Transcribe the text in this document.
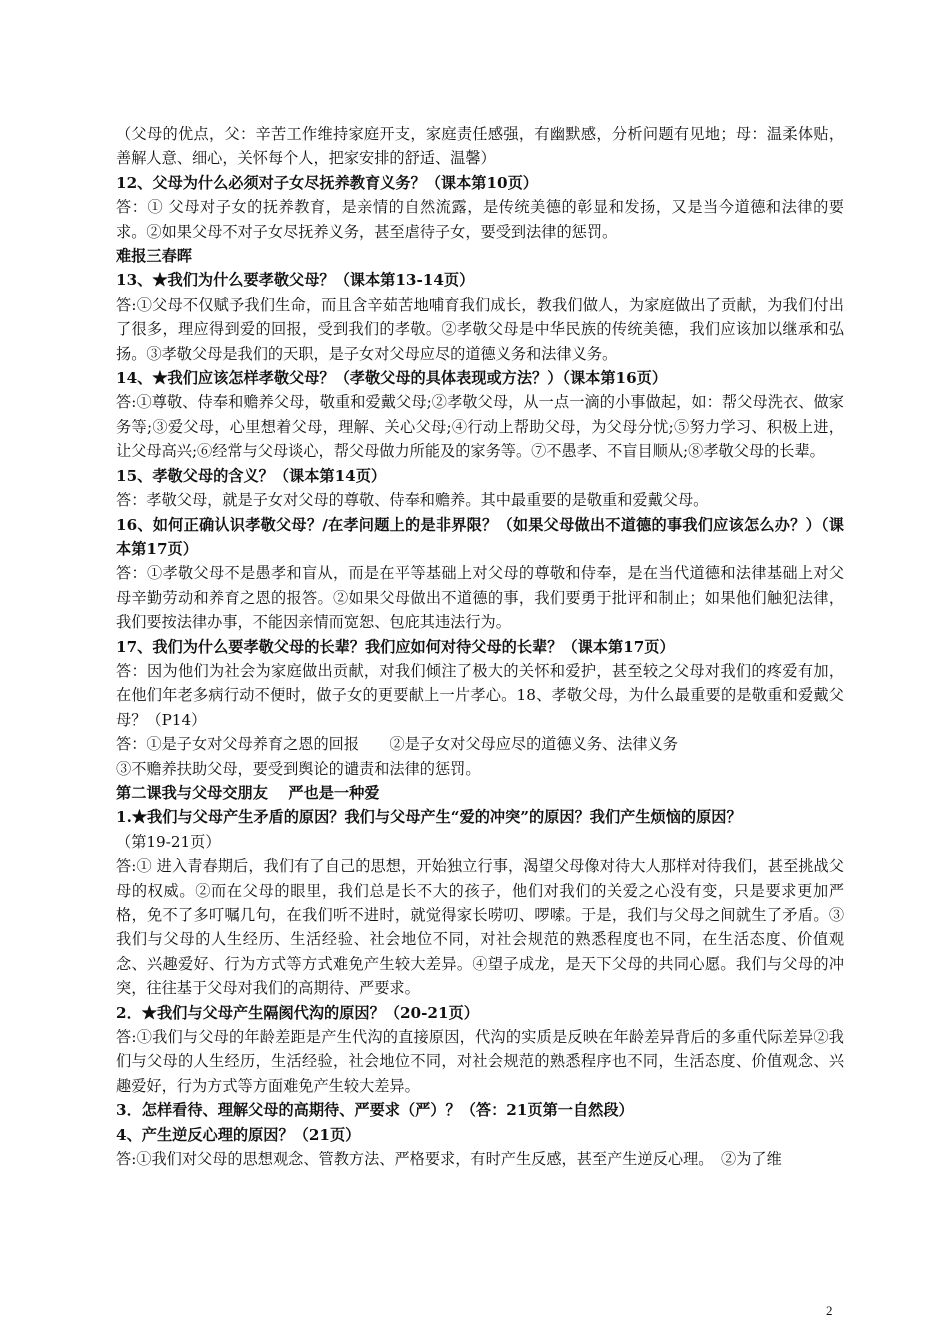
（父母的优点，父：辛苦工作维持家庭开支，家庭责任感强，有幽默感，分析问题有见地；母：温柔体贴，善解人意、细心，关怀每个人，把家安排的舒适、温馨）

12、父母为什么必须对子女尽抚养教育义务？（课本第10页）

答：① 父母对子女的抚养教育，是亲情的自然流露，是传统美德的彰显和发扬，又是当今道德和法律的要求。②如果父母不对子女尽抚养义务，甚至虐待子女，要受到法律的惩罚。

难报三春晖

13、★我们为什么要孝敬父母？（课本第13-14页）

答:①父母不仅赋予我们生命，而且含辛茹苦地哺育我们成长，教我们做人，为家庭做出了贡献，为我们付出了很多，理应得到爱的回报，受到我们的孝敬。②孝敬父母是中华民族的传统美德，我们应该加以继承和弘扬。③孝敬父母是我们的天职，是子女对父母应尽的道德义务和法律义务。

14、★我们应该怎样孝敬父母？（孝敬父母的具体表现或方法？）（课本第16页）

答:①尊敬、侍奉和赡养父母，敬重和爱戴父母;②孝敬父母，从一点一滴的小事做起，如：帮父母洗衣、做家务等;③爱父母，心里想着父母，理解、关心父母;④行动上帮助父母，为父母分忧;⑤努力学习、积极上进，让父母高兴;⑥经常与父母谈心，帮父母做力所能及的家务等。⑦不愚孝、不盲目顺从;⑧孝敬父母的长辈。

15、孝敬父母的含义？（课本第14页）

答：孝敬父母，就是子女对父母的尊敬、侍奉和赡养。其中最重要的是敬重和爱戴父母。

16、如何正确认识孝敬父母？/在孝问题上的是非界限？（如果父母做出不道德的事我们应该怎么办？）（课本第17页）

答：①孝敬父母不是愚孝和盲从，而是在平等基础上对父母的尊敬和侍奉，是在当代道德和法律基础上对父母辛勤劳动和养育之恩的报答。②如果父母做出不道德的事，我们要勇于批评和制止；如果他们触犯法律，我们要按法律办事，不能因亲情而宽恕、包庇其违法行为。

17、我们为什么要孝敬父母的长辈？我们应如何对待父母的长辈？（课本第17页）

答：因为他们为社会为家庭做出贡献，对我们倾注了极大的关怀和爱护，甚至较之父母对我们的疼爱有加，在他们年老多病行动不便时，做子女的更要献上一片孝心。18、孝敬父母，为什么最重要的是敬重和爱戴父母？（P14）

答：①是子女对父母养育之恩的回报　　②是子女对父母应尽的道德义务、法律义务

③不赡养扶助父母，要受到舆论的谴责和法律的惩罚。

第二课我与父母交朋友　 严也是一种爱

1.★我们与父母产生矛盾的原因？我们与父母产生“爱的冲突”的原因？我们产生烦恼的原因？

（第19-21页）

答:① 进入青春期后，我们有了自己的思想，开始独立行事，渴望父母像对待大人那样对待我们，甚至挑战父母的权威。②而在父母的眼里，我们总是长不大的孩子，他们对我们的关爱之心没有变，只是要求更加严格，免不了多叮嘱几句，在我们听不进时，就觉得家长唠叨、啰嗦。于是，我们与父母之间就生了矛盾。③我们与父母的人生经历、生活经验、社会地位不同，对社会规范的熟悉程度也不同，在生活态度、价值观念、兴趣爱好、行为方式等方式难免产生较大差异。④望子成龙，是天下父母的共同心愿。我们与父母的冲突，往往基于父母对我们的高期待、严要求。

2．★我们与父母产生隔阂代沟的原因？（20-21页）

答:①我们与父母的年龄差距是产生代沟的直接原因，代沟的实质是反映在年龄差异背后的多重代际差异②我们与父母的人生经历，生活经验，社会地位不同，对社会规范的熟悉程序也不同，生活态度、价值观念、兴趣爱好，行为方式等方面难免产生较大差异。

3．怎样看待、理解父母的高期待、严要求（严）？（答：21页第一自然段）

4、产生逆反心理的原因？（21页）

答:①我们对父母的思想观念、管教方法、严格要求，有时产生反感，甚至产生逆反心理。　②为了维

2
